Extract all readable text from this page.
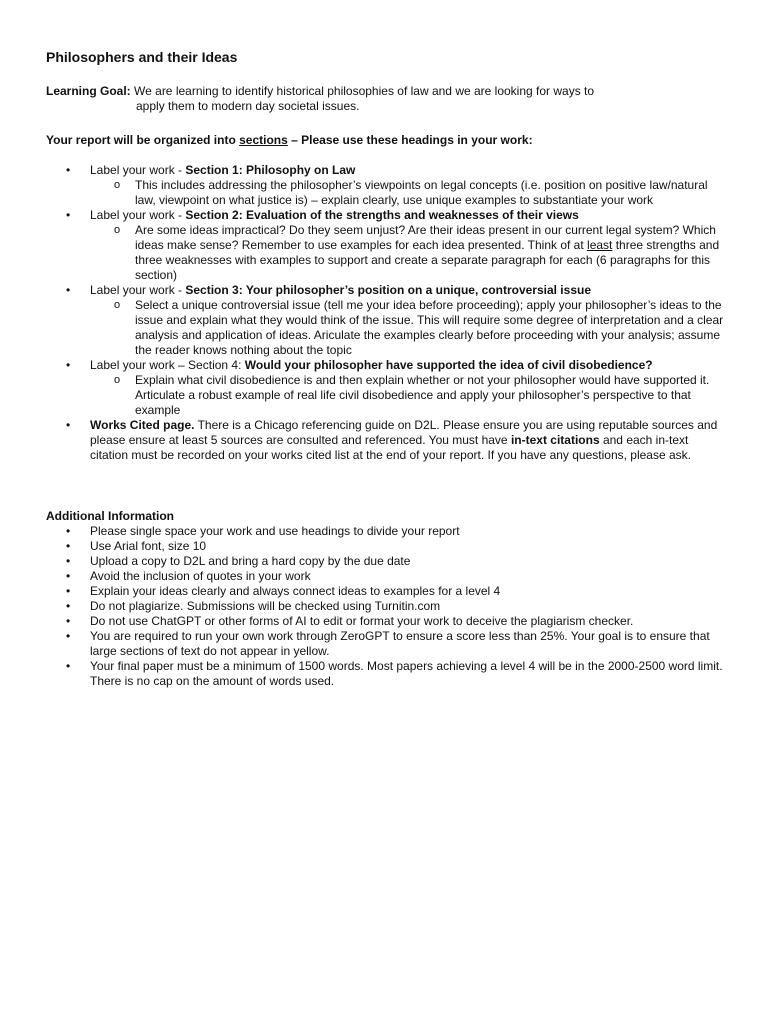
Philosophers and their Ideas
Learning Goal: We are learning to identify historical philosophies of law and we are looking for ways to
apply them to modern day societal issues.
Your report will be organized into sections – Please use these headings in your work:
• Label your work - Section 1: Philosophy on Law
o This includes addressing the philosopher’s viewpoints on legal concepts (i.e. position on positive law/natural law, viewpoint on what justice is) – explain clearly, use unique examples to substantiate your work
• Label your work - Section 2: Evaluation of the strengths and weaknesses of their views
o Are some ideas impractical? Do they seem unjust? Are their ideas present in our current legal system? Which ideas make sense? Remember to use examples for each idea presented. Think of at least three strengths and three weaknesses with examples to support and create a separate paragraph for each (6 paragraphs for this section)
• Label your work - Section 3: Your philosopher’s position on a unique, controversial issue
o Select a unique controversial issue (tell me your idea before proceeding); apply your philosopher’s ideas to the issue and explain what they would think of the issue. This will require some degree of interpretation and a clear analysis and application of ideas. Ariculate the examples clearly before proceeding with your analysis; assume the reader knows nothing about the topic
• Label your work – Section 4: Would your philosopher have supported the idea of civil disobedience?
o Explain what civil disobedience is and then explain whether or not your philosopher would have supported it. Articulate a robust example of real life civil disobedience and apply your philosopher’s perspective to that example
• Works Cited page. There is a Chicago referencing guide on D2L. Please ensure you are using reputable sources and please ensure at least 5 sources are consulted and referenced. You must have in-text citations and each in-text citation must be recorded on your works cited list at the end of your report. If you have any questions, please ask.
Additional Information
• Please single space your work and use headings to divide your report
• Use Arial font, size 10
• Upload a copy to D2L and bring a hard copy by the due date
• Avoid the inclusion of quotes in your work
• Explain your ideas clearly and always connect ideas to examples for a level 4
• Do not plagiarize. Submissions will be checked using Turnitin.com
• Do not use ChatGPT or other forms of AI to edit or format your work to deceive the plagiarism checker.
• You are required to run your own work through ZeroGPT to ensure a score less than 25%. Your goal is to ensure that large sections of text do not appear in yellow.
• Your final paper must be a minimum of 1500 words. Most papers achieving a level 4 will be in the 2000-2500 word limit. There is no cap on the amount of words used.
